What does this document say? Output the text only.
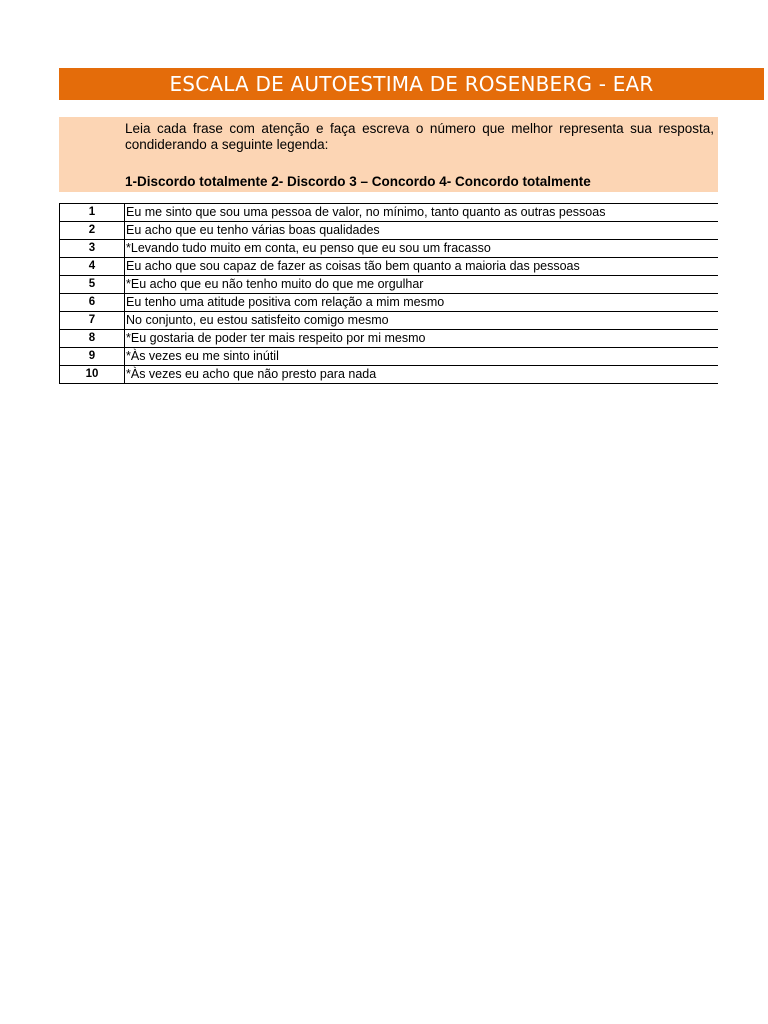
ESCALA DE AUTOESTIMA DE ROSENBERG - EAR
Leia cada frase com atenção e faça escreva o número que melhor representa sua resposta, condiderando a seguinte legenda:
1-Discordo totalmente 2- Discordo 3 – Concordo 4- Concordo totalmente
1	Eu me sinto que sou uma pessoa de valor, no mínimo, tanto quanto as outras pessoas
2	Eu acho que eu tenho várias boas qualidades
3	*Levando tudo muito em conta, eu penso que eu sou um fracasso
4	Eu acho que sou capaz de fazer as coisas tão bem quanto a maioria das pessoas
5	*Eu acho que eu não tenho muito do que me orgulhar
6	Eu tenho uma atitude positiva com relação a mim mesmo
7	No conjunto, eu estou satisfeito comigo mesmo
8	*Eu gostaria de poder ter mais respeito por mi mesmo
9	*Às vezes eu me sinto inútil
10	*Às vezes eu acho que não presto para nada
